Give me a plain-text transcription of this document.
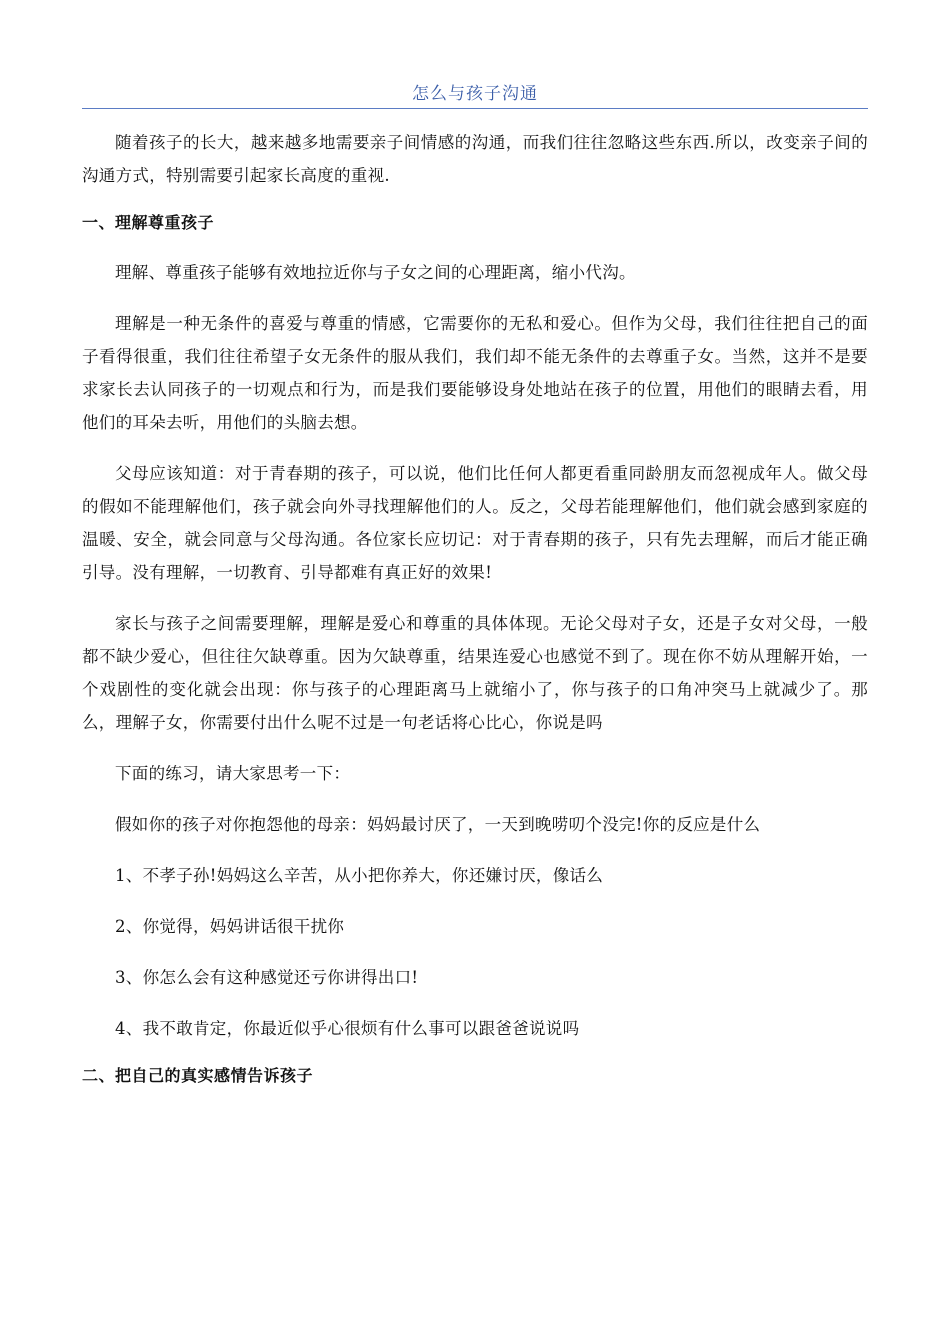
怎么与孩子沟通

随着孩子的长大，越来越多地需要亲子间情感的沟通，而我们往往忽略这些东西.所以，改变亲子间的沟通方式，特别需要引起家长高度的重视.

一、理解尊重孩子

理解、尊重孩子能够有效地拉近你与子女之间的心理距离，缩小代沟。

理解是一种无条件的喜爱与尊重的情感，它需要你的无私和爱心。但作为父母，我们往往把自己的面子看得很重，我们往往希望子女无条件的服从我们，我们却不能无条件的去尊重子女。当然，这并不是要求家长去认同孩子的一切观点和行为，而是我们要能够设身处地站在孩子的位置，用他们的眼睛去看，用他们的耳朵去听，用他们的头脑去想。

父母应该知道：对于青春期的孩子，可以说，他们比任何人都更看重同龄朋友而忽视成年人。做父母的假如不能理解他们，孩子就会向外寻找理解他们的人。反之，父母若能理解他们，他们就会感到家庭的温暖、安全，就会同意与父母沟通。各位家长应切记：对于青春期的孩子，只有先去理解，而后才能正确引导。没有理解，一切教育、引导都难有真正好的效果!

家长与孩子之间需要理解，理解是爱心和尊重的具体体现。无论父母对子女，还是子女对父母，一般都不缺少爱心，但往往欠缺尊重。因为欠缺尊重，结果连爱心也感觉不到了。现在你不妨从理解开始，一个戏剧性的变化就会出现：你与孩子的心理距离马上就缩小了，你与孩子的口角冲突马上就减少了。那么，理解子女，你需要付出什么呢不过是一句老话将心比心，你说是吗

下面的练习，请大家思考一下：

假如你的孩子对你抱怨他的母亲：妈妈最讨厌了，一天到晚唠叨个没完!你的反应是什么

1、不孝子孙!妈妈这么辛苦，从小把你养大，你还嫌讨厌，像话么

2、你觉得，妈妈讲话很干扰你

3、你怎么会有这种感觉还亏你讲得出口!

4、我不敢肯定，你最近似乎心很烦有什么事可以跟爸爸说说吗

二、把自己的真实感情告诉孩子
